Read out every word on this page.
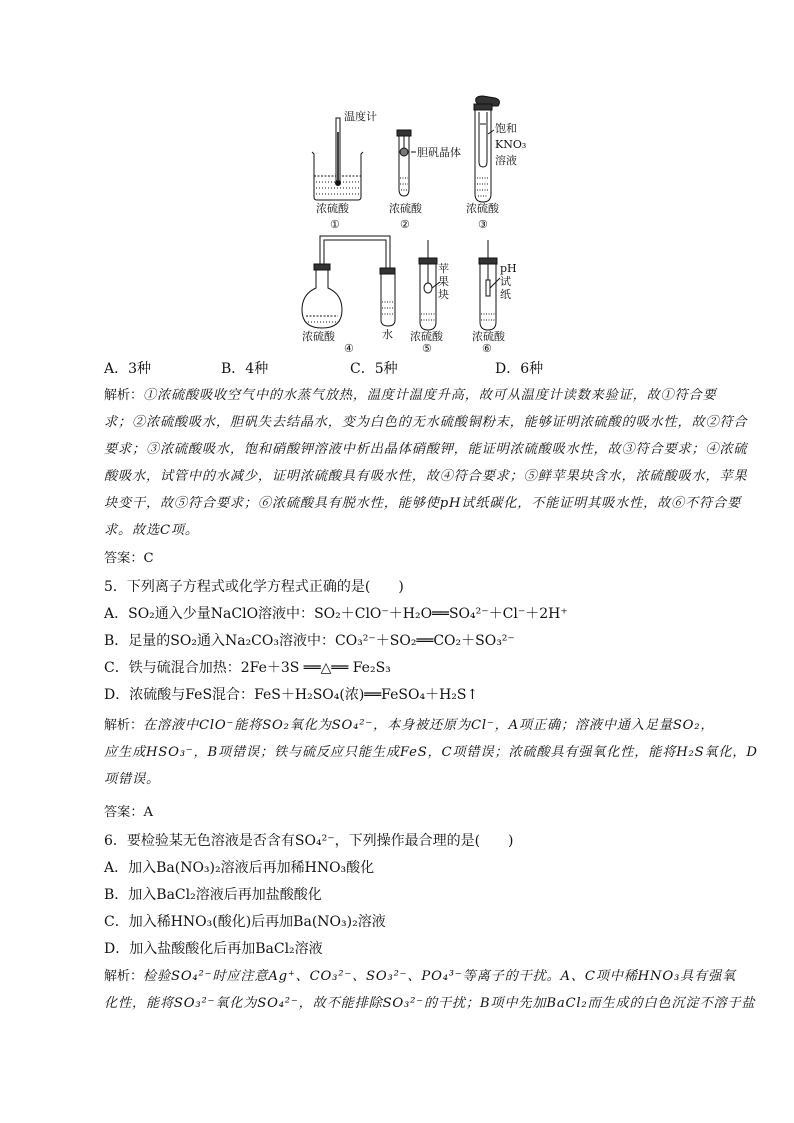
温度计
胆矾晶体
饱和
KNO₃
溶液
水
苹
果
块
pH
试
纸
浓硫酸	浓硫酸	浓硫酸
浓硫酸	浓硫酸	浓硫酸
①	②	③
④	⑤	⑥
A．3种	B．4种	C．5种	D．6种
解析：①浓硫酸吸收空气中的水蒸气放热，温度计温度升高，故可从温度计读数来验证，故①符合要
求；②浓硫酸吸水，胆矾失去结晶水，变为白色的无水硫酸铜粉末，能够证明浓硫酸的吸水性，故②符合
要求；③浓硫酸吸水，饱和硝酸钾溶液中析出晶体硝酸钾，能证明浓硫酸吸水性，故③符合要求；④浓硫
酸吸水，试管中的水减少，证明浓硫酸具有吸水性，故④符合要求；⑤鲜苹果块含水，浓硫酸吸水，苹果
块变干，故⑤符合要求；⑥浓硫酸具有脱水性，能够使pH试纸碳化，不能证明其吸水性，故⑥不符合要
求。故选C项。
答案：C
5．下列离子方程式或化学方程式正确的是(　　)
A．SO₂通入少量NaClO溶液中：SO₂＋ClO⁻＋H₂O══SO₄²⁻＋Cl⁻＋2H⁺
B．足量的SO₂通入Na₂CO₃溶液中：CO₃²⁻＋SO₂══CO₂＋SO₃²⁻
C．铁与硫混合加热：2Fe＋3S ══△══ Fe₂S₃
D．浓硫酸与FeS混合：FeS＋H₂SO₄(浓)══FeSO₄＋H₂S↑
解析：在溶液中ClO⁻能将SO₂氧化为SO₄²⁻，本身被还原为Cl⁻，A项正确；溶液中通入足量SO₂，
应生成HSO₃⁻，B项错误；铁与硫反应只能生成FeS，C项错误；浓硫酸具有强氧化性，能将H₂S氧化，D
项错误。
答案：A
6．要检验某无色溶液是否含有SO₄²⁻，下列操作最合理的是(　　)
A．加入Ba(NO₃)₂溶液后再加稀HNO₃酸化
B．加入BaCl₂溶液后再加盐酸酸化
C．加入稀HNO₃(酸化)后再加Ba(NO₃)₂溶液
D．加入盐酸酸化后再加BaCl₂溶液
解析：检验SO₄²⁻时应注意Ag⁺、CO₃²⁻、SO₃²⁻、PO₄³⁻等离子的干扰。A、C项中稀HNO₃具有强氧
化性，能将SO₃²⁻氧化为SO₄²⁻，故不能排除SO₃²⁻的干扰；B项中先加BaCl₂而生成的白色沉淀不溶于盐
